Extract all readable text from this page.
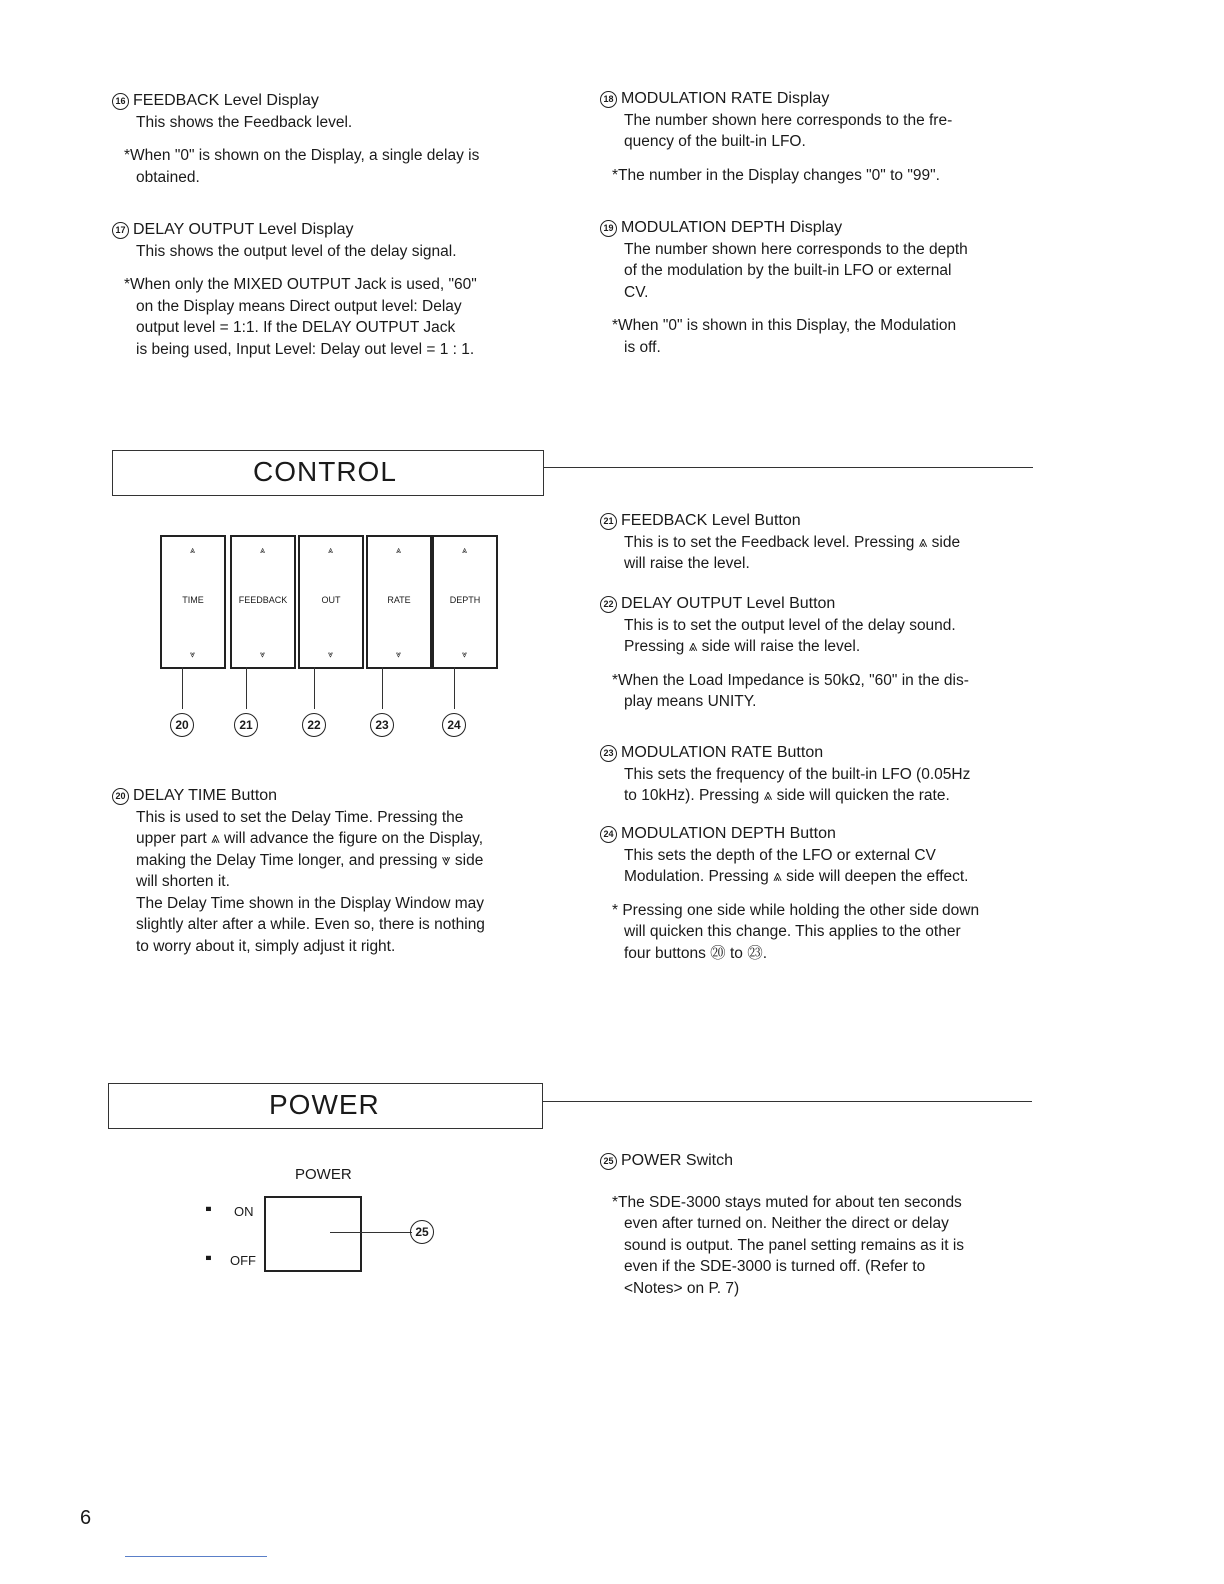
16 FEEDBACK Level Display
This shows the Feedback level.
*When "0" is shown on the Display, a single delay is
obtained.
17 DELAY OUTPUT Level Display
This shows the output level of the delay signal.
*When only the MIXED OUTPUT Jack is used, "60"
on the Display means Direct output level: Delay
output level = 1:1. If the DELAY OUTPUT Jack
is being used, Input Level: Delay out level = 1 : 1.
18 MODULATION RATE Display
The number shown here corresponds to the fre-
quency of the built-in LFO.
*The number in the Display changes "0" to "99".
19 MODULATION DEPTH Display
The number shown here corresponds to the depth
of the modulation by the built-in LFO or external
CV.
*When "0" is shown in this Display, the Modulation
is off.
CONTROL
⩓
TIME
⩔
⩓
FEEDBACK
⩔
⩓
OUT
⩔
⩓
RATE
⩔
⩓
DEPTH
⩔
20	21	22	23	24
20 DELAY TIME Button
This is used to set the Delay Time. Pressing the
upper part ⩓ will advance the figure on the Display,
making the Delay Time longer, and pressing ⩔ side
will shorten it.
The Delay Time shown in the Display Window may
slightly alter after a while. Even so, there is nothing
to worry about it, simply adjust it right.
21 FEEDBACK Level Button
This is to set the Feedback level. Pressing ⩓ side
will raise the level.
22 DELAY OUTPUT Level Button
This is to set the output level of the delay sound.
Pressing ⩓ side will raise the level.
*When the Load Impedance is 50kΩ, "60" in the dis-
play means UNITY.
23 MODULATION RATE Button
This sets the frequency of the built-in LFO (0.05Hz
to 10kHz). Pressing ⩓ side will quicken the rate.
24 MODULATION DEPTH Button
This sets the depth of the LFO or external CV
Modulation. Pressing ⩓ side will deepen the effect.
* Pressing one side while holding the other side down
will quicken this change. This applies to the other
four buttons ⑳ to ㉓.
POWER
POWER
▄ ON
▄ OFF
25
25 POWER Switch
*The SDE-3000 stays muted for about ten seconds
even after turned on. Neither the direct or delay
sound is output. The panel setting remains as it is
even if the SDE-3000 is turned off. (Refer to
<Notes> on P. 7)
6
